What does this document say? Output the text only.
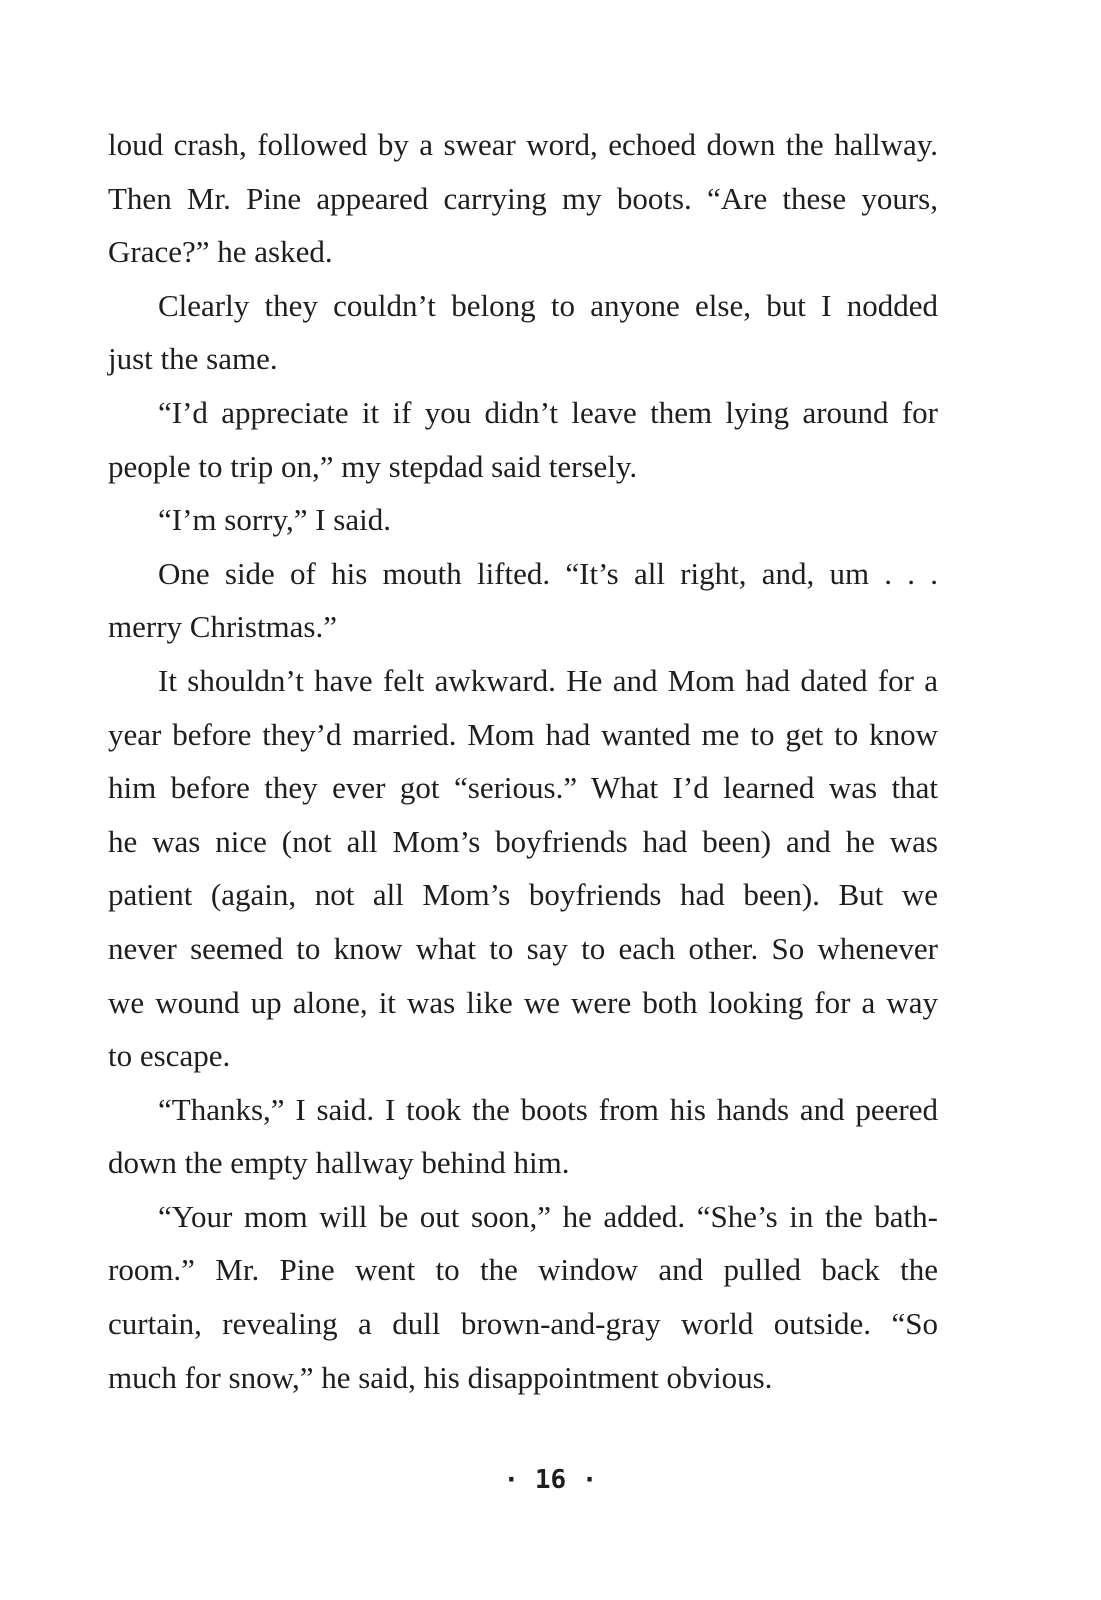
loud crash, followed by a swear word, echoed down the hallway.
Then Mr. Pine appeared carrying my boots. “Are these yours,
Grace?” he asked.
Clearly they couldn’t belong to anyone else, but I nodded
just the same.
“I’d appreciate it if you didn’t leave them lying around for
people to trip on,” my stepdad said tersely.
“I’m sorry,” I said.
One side of his mouth lifted. “It’s all right, and, um . . .
merry Christmas.”
It shouldn’t have felt awkward. He and Mom had dated for a
year before they’d married. Mom had wanted me to get to know
him before they ever got “serious.” What I’d learned was that
he was nice (not all Mom’s boyfriends had been) and he was
patient (again, not all Mom’s boyfriends had been). But we
never seemed to know what to say to each other. So whenever
we wound up alone, it was like we were both looking for a way
to escape.
“Thanks,” I said. I took the boots from his hands and peered
down the empty hallway behind him.
“Your mom will be out soon,” he added. “She’s in the bath-
room.” Mr. Pine went to the window and pulled back the
curtain, revealing a dull brown-and-gray world outside. “So
much for snow,” he said, his disappointment obvious.
· 16 ·
